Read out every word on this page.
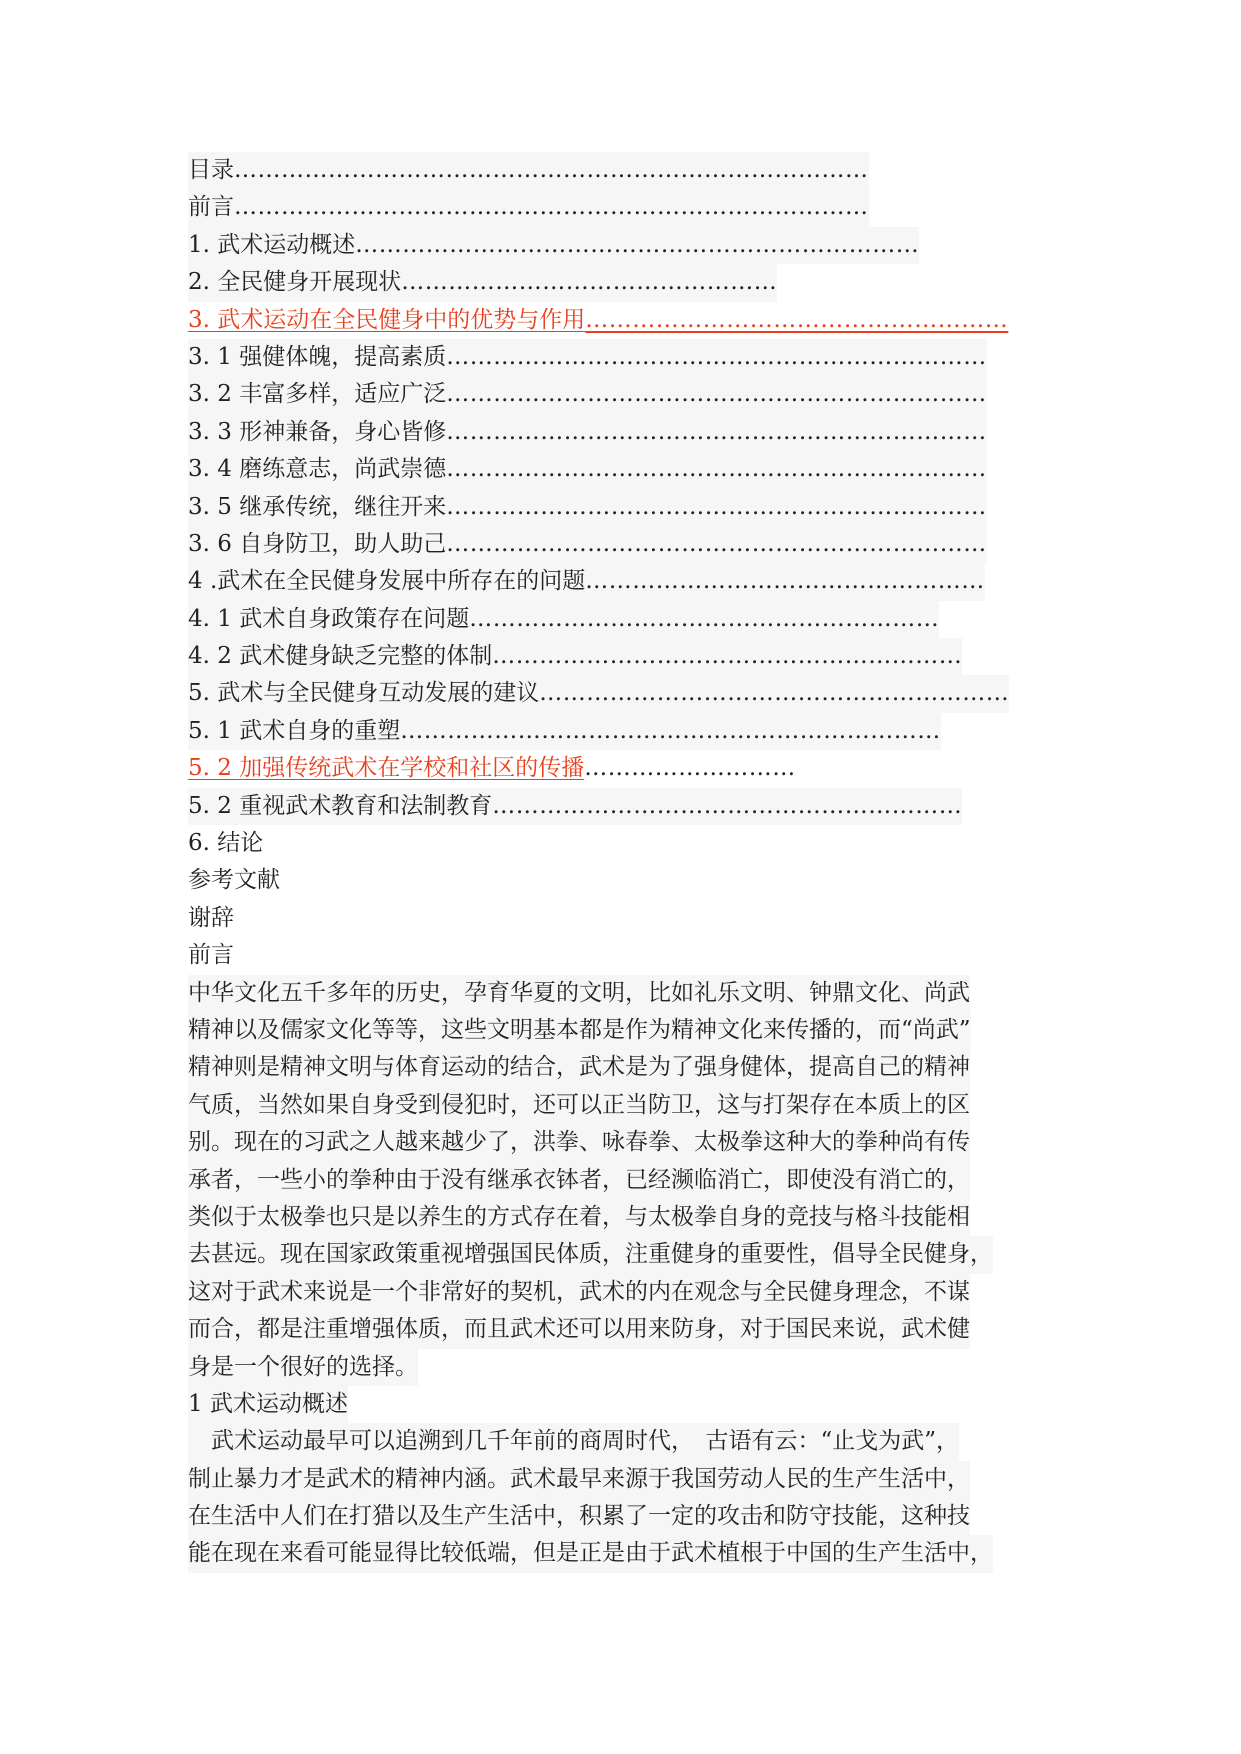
目录………………………………………………………………………
前言………………………………………………………………………
1. 武术运动概述………………………………………………………………
2. 全民健身开展现状…………………………………………
3. 武术运动在全民健身中的优势与作用………………………………………………
3. 1 强健体魄，提高素质……………………………………………………………
3. 2 丰富多样，适应广泛……………………………………………………………
3. 3 形神兼备，身心皆修……………………………………………………………
3. 4 磨练意志，尚武崇德……………………………………………………………
3. 5 继承传统，继往开来……………………………………………………………
3. 6 自身防卫，助人助己……………………………………………………………
4 .武术在全民健身发展中所存在的问题……………………………………………
4. 1 武术自身政策存在问题……………………………………………………
4. 2 武术健身缺乏完整的体制……………………………………………………
5. 武术与全民健身互动发展的建议……………………………………………………
5. 1 武术自身的重塑……………………………………………………………
5. 2 加强传统武术在学校和社区的传播………………………
5. 2 重视武术教育和法制教育……………………………………………………
6. 结论
参考文献
谢辞
前言
中华文化五千多年的历史，孕育华夏的文明，比如礼乐文明、钟鼎文化、尚武
精神以及儒家文化等等，这些文明基本都是作为精神文化来传播的，而“尚武”
精神则是精神文明与体育运动的结合，武术是为了强身健体，提高自己的精神
气质，当然如果自身受到侵犯时，还可以正当防卫，这与打架存在本质上的区
别。现在的习武之人越来越少了，洪拳、咏春拳、太极拳这种大的拳种尚有传
承者，一些小的拳种由于没有继承衣钵者，已经濒临消亡，即使没有消亡的，
类似于太极拳也只是以养生的方式存在着，与太极拳自身的竞技与格斗技能相
去甚远。现在国家政策重视增强国民体质，注重健身的重要性，倡导全民健身，
这对于武术来说是一个非常好的契机，武术的内在观念与全民健身理念，不谋
而合，都是注重增强体质，而且武术还可以用来防身，对于国民来说，武术健
身是一个很好的选择。
1 武术运动概述
　武术运动最早可以追溯到几千年前的商周时代，　古语有云：“止戈为武”，
制止暴力才是武术的精神内涵。武术最早来源于我国劳动人民的生产生活中，
在生活中人们在打猎以及生产生活中，积累了一定的攻击和防守技能，这种技
能在现在来看可能显得比较低端，但是正是由于武术植根于中国的生产生活中，
